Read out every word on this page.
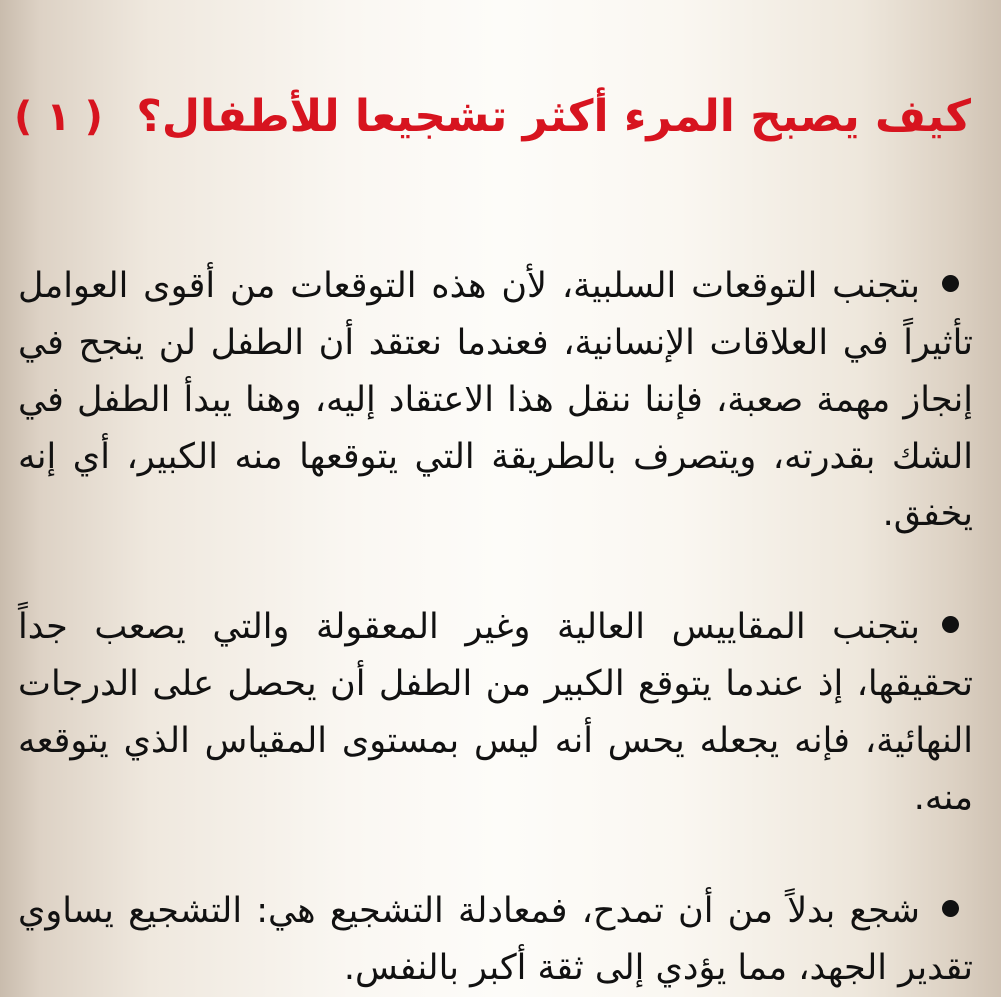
كيف يصبح المرء أكثر تشجيعا للأطفال؟
( ١ )
بتجنب التوقعات السلبية، لأن هذه التوقعات من أقوى العوامل تأثيراً في العلاقات الإنسانية، فعندما نعتقد أن الطفل لن ينجح في إنجاز مهمة صعبة، فإننا ننقل هذا الاعتقاد إليه، وهنا يبدأ الطفل في الشك بقدرته، ويتصرف بالطريقة التي يتوقعها منه الكبير، أي إنه يخفق.
بتجنب المقاييس العالية وغير المعقولة والتي يصعب جداً تحقيقها، إذ عندما يتوقع الكبير من الطفل أن يحصل على الدرجات النهائية، فإنه يجعله يحس أنه ليس بمستوى المقياس الذي يتوقعه منه.
شجع بدلاً من أن تمدح، فمعادلة التشجيع هي: التشجيع يساوي تقدير الجهد، مما يؤدي إلى ثقة أكبر بالنفس.
